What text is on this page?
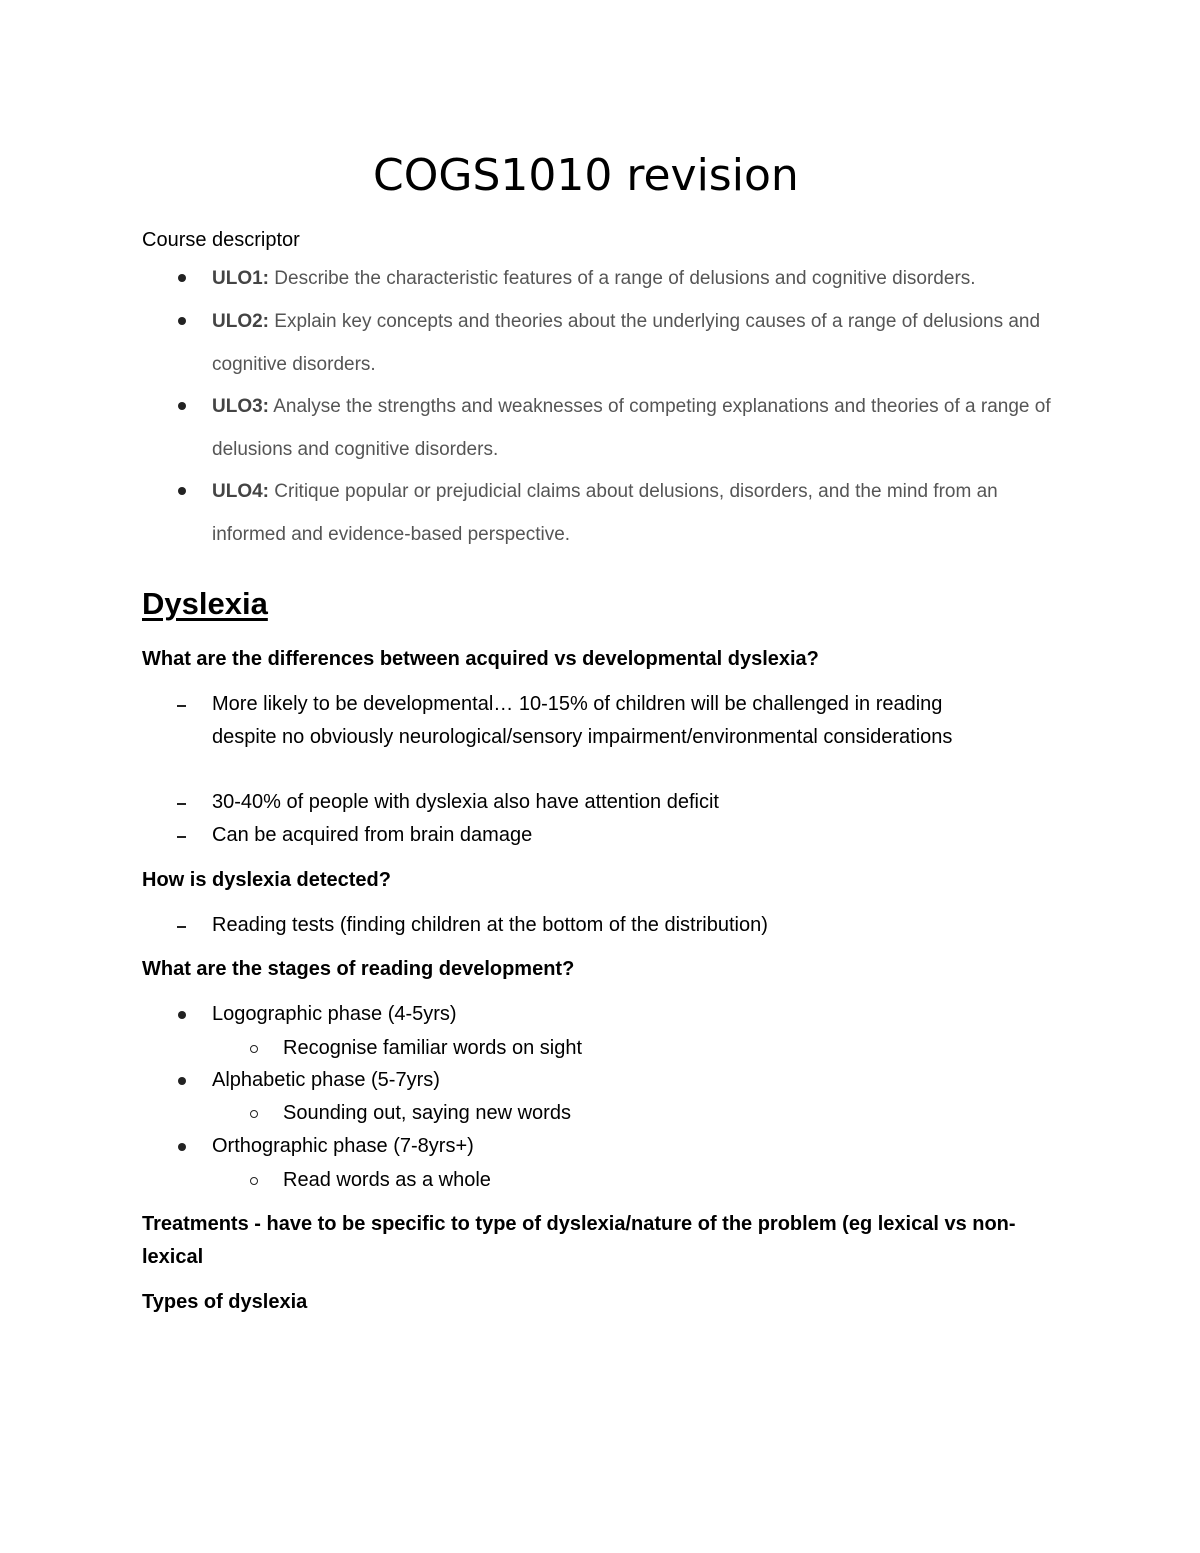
COGS1010 revision
Course descriptor
ULO1: Describe the characteristic features of a range of delusions and cognitive disorders.
ULO2: Explain key concepts and theories about the underlying causes of a range of delusions and cognitive disorders.
ULO3: Analyse the strengths and weaknesses of competing explanations and theories of a range of delusions and cognitive disorders.
ULO4: Critique popular or prejudicial claims about delusions, disorders, and the mind from an informed and evidence-based perspective.
Dyslexia
What are the differences between acquired vs developmental dyslexia?
More likely to be developmental… 10-15% of children will be challenged in reading despite no obviously neurological/sensory impairment/environmental considerations
30-40% of people with dyslexia also have attention deficit
Can be acquired from brain damage
How is dyslexia detected?
Reading tests (finding children at the bottom of the distribution)
What are the stages of reading development?
Logographic phase (4-5yrs)
Recognise familiar words on sight
Alphabetic phase (5-7yrs)
Sounding out, saying new words
Orthographic phase (7-8yrs+)
Read words as a whole
Treatments - have to be specific to type of dyslexia/nature of the problem (eg lexical vs non-lexical
Types of dyslexia
